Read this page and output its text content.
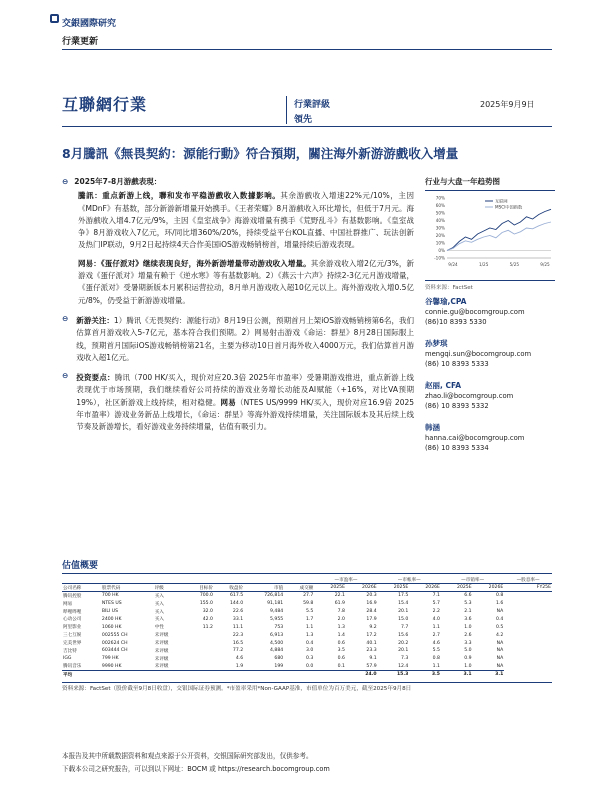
交銀國際研究
行業更新
互聯網行業	行業評級
領先
2025年9月9日
8月騰訊《無畏契約：源能行動》符合預期，關注海外新游游戲收入增量
⊖ 2025年7-8月游戲表現：
騰訊：重点新游上线，聯和发布平稳游戲收入数據影响。其余游戲收入增速22%元/10%，主因《MDnF》有基数，部分新游新增量开始携手。《王者荣耀》8月游戲收入环比增长，但低于7月元。海外游戲收入增4.7亿元/9%，主因《皇室战争》海游戏增量有携手《荒野乱斗》有基数影响。《皇室战争》8月游戏收入7亿元，环/同比增360%/20%，持续受益平台KOL直播、中国社群推广、玩法创新及热门IP联动，9月2日起持续4天合作美国iOS游戏畅销榜首，增量持续后游戏表现。
网易：《蛋仔派对》继续表现良好，海外新游增量带动游戏收入增量。其余游戏收入增2亿元/3%，新游戏《蛋仔派对》增量有赖于《逆水寒》等有基数影响。2）《燕云十六声》持续2-3亿元月游戏增量，《蛋仔派对》受暑期新版本月累积运营拉动，8月单月游戏收入超10亿元以上。海外游戏收入增0.5亿元/8%，仍受益于新游游戏增量。
⊖ 新游关注：1）腾讯《无畏契约：源能行动》8月19日公测，预期首月上架iOS游戏畅销榜第6名，我们估算首月游戏收入5-7亿元，基本符合我们预期。2）网易射击游戏《命运：群星》8月28日国际服上线，预期首月国际iOS游戏畅销榜第21名，主要为移动10日首月海外收入4000万元，我们估算首月游戏收入超1亿元。
⊖ 投资要点：腾讯（700 HK/买入，现价对应20.3倍 2025年市盈率）受暑期游戏推进，重点新游上线表现优于市场预期，我们继续看好公司持续的游戏业务增长动能及AI赋能（+16%，对比VA预期19%），社区新游戏上线持续，相对稳健。网易（NTES US/9999 HK/买入，现价对应16.9倍 2025年市盈率）游戏业务新品上线增长，《命运：群星》等海外游戏持续增量，关注国际版本及其后续上线节奏及新游增长，看好游戏业务持续增量，估值有吸引力。
行业与大盘一年趋势图
70%
60%
50%
40%
30%
20%
10%
0%
-10%
9/24	1/25	5/25	9/25
互联网
MSCI中国指数
资料来源：FactSet
谷馨瑜,CPA
connie.gu@bocomgroup.com
(86)10 8393 5330
孙梦琪
mengqi.sun@bocomgroup.com
(86) 10 8393 5333
赵丽, CFA
zhao.li@bocomgroup.com
(86) 10 8393 5332
韩涵
hanna.cai@bocomgroup.com
(86) 10 8393 5334
估值概要
							—市盈率—		—市帐率—		—市销率—		—股息率—
公司名称	股票代码	评级	目标价	收盘价	市值	成交额	2025E	2026E	2025E	2026E	2025E	2026E	FY25E
腾讯控股	700 HK	买入	700.0	617.5	726,814	27.7	22.1	20.3	17.5	7.1	6.6	0.8	
网易	NTES US	买入	155.0	144.0	91,181	59.8	61.9	16.9	15.4	5.7	5.3	1.6	
哔哩哔哩	BILI US	买入	32.0	22.6	9,484	5.5	7.8	28.4	20.1	2.2	2.1	NA	
心动公司	2400 HK	买入	42.0	33.1	5,955	1.7	2.0	17.9	15.0	4.0	3.6	0.4	
阿里影业	1060 HK	中性	11.2	11.1	753	1.1	1.3	9.2	7.7	1.1	1.0	0.5	
三七互娱	002555 CH	未评级		22.3	6,913	1.3	1.4	17.2	15.6	2.7	2.6	4.2	
完美世界	002624 CH	未评级		16.5	4,500	0.4	0.6	40.1	20.2	4.6	3.3	NA	
吉比特	603444 CH	未评级		77.2	4,884	3.0	3.5	23.3	20.1	5.5	5.0	NA	
IGG	799 HK	未评级		4.6	680	0.3	0.6	9.1	7.3	0.8	0.9	NA	
腾讯音乐	9990 HK	未评级		1.9	199	0.0	0.1	57.9	12.4	1.1	1.0	NA	
平均								24.0	15.3	3.5	3.1	3.1	
资料来源：FactSet（股价截至9月8日收盘），交银国际证券预测。*市盈率采用*Non-GAAP基准，市值单位为百万美元，截至2025年9月8日
本报告及其中所载数据资料和观点来源于公开资料，交银国际研究部发出，仅供参考。
下载本公司之研究报告，可以到以下网址：BOCM 或 https://research.bocomgroup.com
